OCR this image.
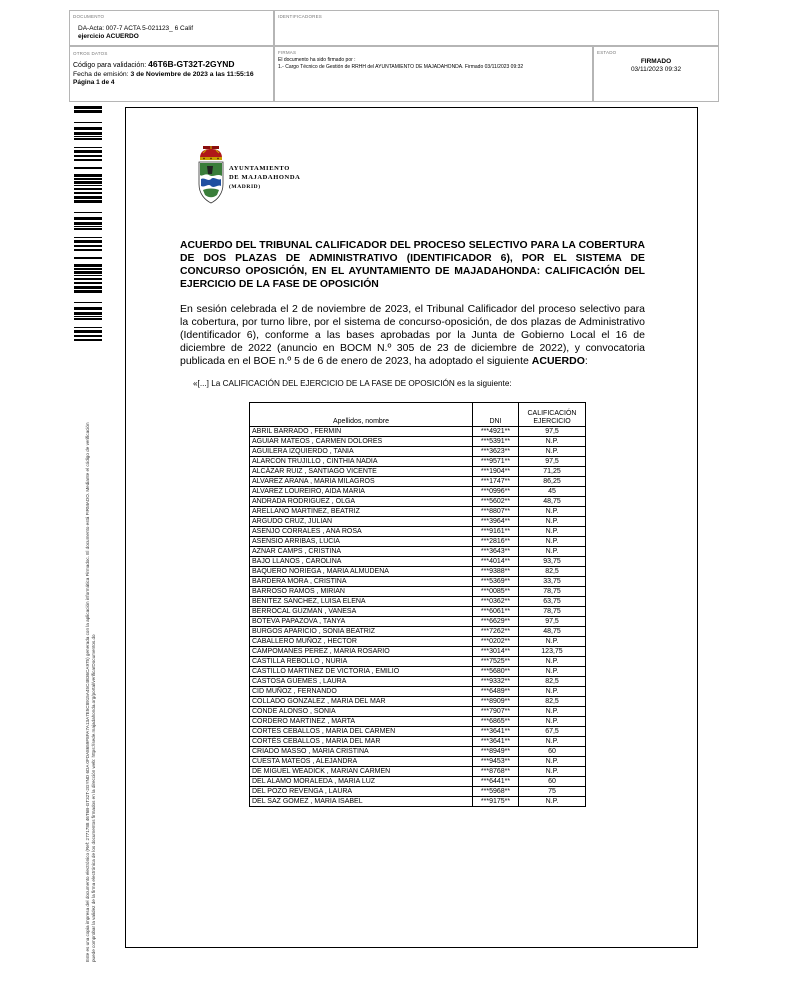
DOCUMENTO
DA-Acta: 007-7 ACTA 5-021123_ 6 Calif
ejercicio ACUERDO
IDENTIFICADORES
OTROS DATOS
Código para validación: 46T6B-GT32T-2GYND
Fecha de emisión: 3 de Noviembre de 2023 a las 11:55:16
Página 1 de 4
FIRMAS
El documento ha sido firmado por :
1.- Cargo Técnico de Gestión de RRHH del AYUNTAMIENTO DE MAJADAHONDA. Firmado 03/11/2023 09:32
ESTADO
FIRMADO
03/11/2023 09:32
Este es una copia impresa del documento electrónico (Ref: 2771788 46T6B-GT32T-2GYND 6DA 0FDA8659F8FA7A13A7E5C8915A45C4B36CA975) generada con la aplicación informática Firmadoc. El documento está FIRMADO. Mediante el código de verificación puede comprobar la validez de la firma electrónica de los documentos firmados en la dirección web: https://sede.majadahonda.org/portal/verificarDocumentos.do
AYUNTAMIENTO
DE MAJADAHONDA
(MADRID)
ACUERDO DEL TRIBUNAL CALIFICADOR DEL PROCESO SELECTIVO PARA LA COBERTURA DE DOS PLAZAS DE ADMINISTRATIVO (IDENTIFICADOR 6), POR EL SISTEMA DE CONCURSO OPOSICIÓN, EN EL AYUNTAMIENTO DE MAJADAHONDA: CALIFICACIÓN DEL EJERCICIO DE LA FASE DE OPOSICIÓN
En sesión celebrada el 2 de noviembre de 2023, el Tribunal Calificador del proceso selectivo para la cobertura, por turno libre, por el sistema de concurso-oposición, de dos plazas de Administrativo (Identificador 6), conforme a las bases aprobadas por la Junta de Gobierno Local el 16 de diciembre de 2022 (anuncio en BOCM N.º 305 de 23 de diciembre de 2022), y convocatoria publicada en el BOE n.º 5 de 6 de enero de 2023, ha adoptado el siguiente ACUERDO:
«[...] La CALIFICACIÓN DEL EJERCICIO DE LA FASE DE OPOSICIÓN es la siguiente:
Apellidos, nombre	DNI	CALIFICACIÓN
EJERCICIO

ABRIL BARRADO , FERMIN	***4921**	97,5
AGUIAR MATEOS , CARMEN DOLORES	***5391**	N.P.
AGUILERA IZQUIERDO , TANIA	***3623**	N.P.
ALARCON TRUJILLO , CINTHIA NADIA	***9571**	97,5
ALCÁZAR RUIZ , SANTIAGO VICENTE	***1904**	71,25
ALVAREZ ARANA , MARIA MILAGROS	***1747**	86,25
ALVAREZ LOUREIRO, AIDA MARIA	***0996**	45
ANDRADA RODRIGUEZ , OLGA	***5602**	48,75
ARELLANO MARTINEZ, BEATRIZ	***8807**	N.P.
ARGUDO CRUZ, JULIAN	***3964**	N.P.
ASENJO CORRALES , ANA ROSA	***9161**	N.P.
ASENSIO ARRIBAS, LUCIA	***2816**	N.P.
AZNAR CAMPS , CRISTINA	***3643**	N.P.
BAJO LLANOS , CAROLINA	***4014**	93,75
BAQUERO NORIEGA , MARIA ALMUDENA	***9388**	82,5
BARDERA MORA , CRISTINA	***5369**	33,75
BARROSO RAMOS , MIRIAN	***0085**	78,75
BENITEZ SANCHEZ, LUISA ELENA	***0362**	63,75
BERROCAL GUZMAN , VANESA	***6061**	78,75
BOTEVA PAPAZOVA , TANYA	***6629**	97,5
BURGOS APARICIO , SONIA BEATRIZ	***7262**	48,75
CABALLERO MUÑOZ , HECTOR	***0202**	N.P.
CAMPOMANES PEREZ , MARIA ROSARIO	***3014**	123,75
CASTILLA REBOLLO , NURIA	***7525**	N.P.
CASTILLO MARTINEZ DE VICTORIA , EMILIO	***5680**	N.P.
CASTOSA GÜEMES , LAURA	***9332**	82,5
CID MUÑOZ , FERNANDO	***6489**	N.P.
COLLADO GONZALEZ , MARIA DEL MAR	***8909**	82,5
CONDE ALONSO , SONIA	***7907**	N.P.
CORDERO MARTINEZ , MARTA	***6865**	N.P.
CORTES CEBALLOS , MARIA DEL CARMEN	***3641**	67,5
CORTÉS CEBALLOS , MARIA DEL MAR	***3641**	N.P.
CRIADO MASSO , MARIA CRISTINA	***8949**	60
CUESTA MATEOS , ALEJANDRA	***9453**	N.P.
DE MIGUEL WEADICK , MARIAN CARMEN	***8768**	N.P.
DEL ALAMO MORALEDA , MARIA LUZ	***6441**	60
DEL POZO REVENGA , LAURA	***5968**	75
DEL SAZ GOMEZ , MARIA ISABEL	***9175**	N.P.
